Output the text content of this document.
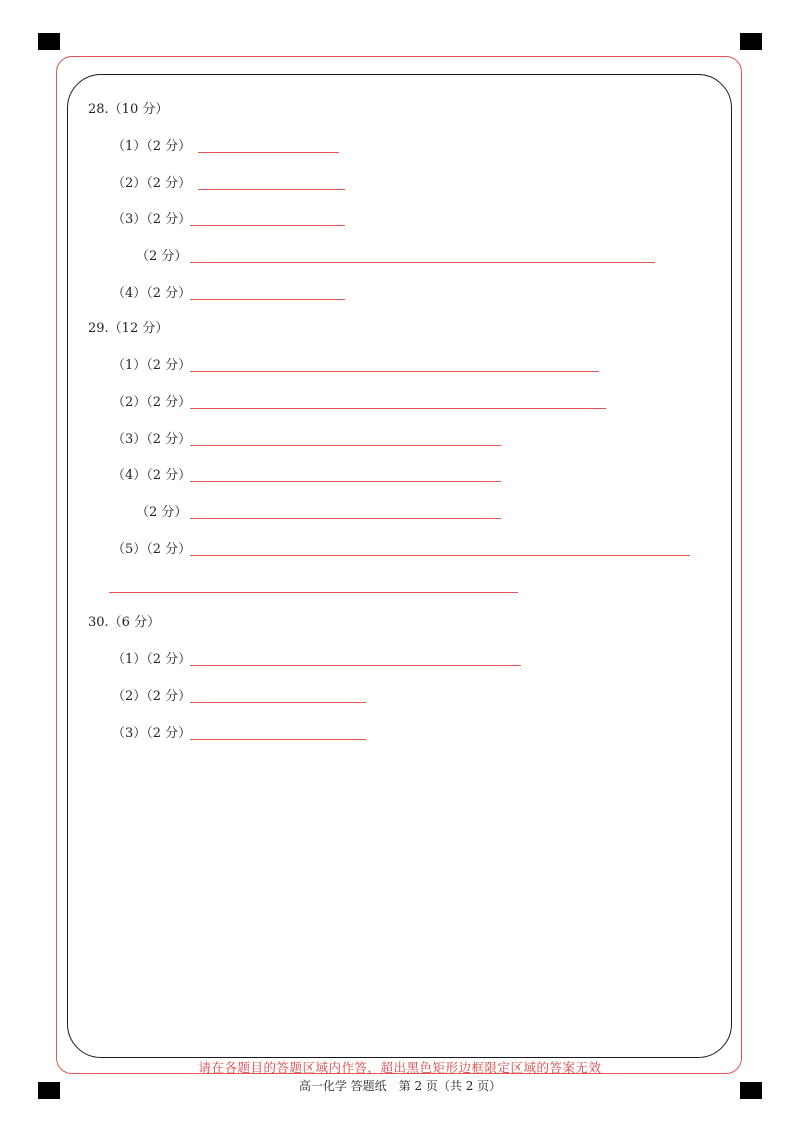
28.（10 分）
（1）（2 分）
（2）（2 分）
（3）（2 分）
（2 分）
（4）（2 分）
29.（12 分）
（1）（2 分）
（2）（2 分）
（3）（2 分）
（4）（2 分）
（2 分）
（5）（2 分）
30.（6 分）
（1）（2 分）
（2）（2 分）
（3）（2 分）
请在各题目的答题区域内作答，超出黑色矩形边框限定区域的答案无效
高一化学 答题纸　第 2 页（共 2 页）
